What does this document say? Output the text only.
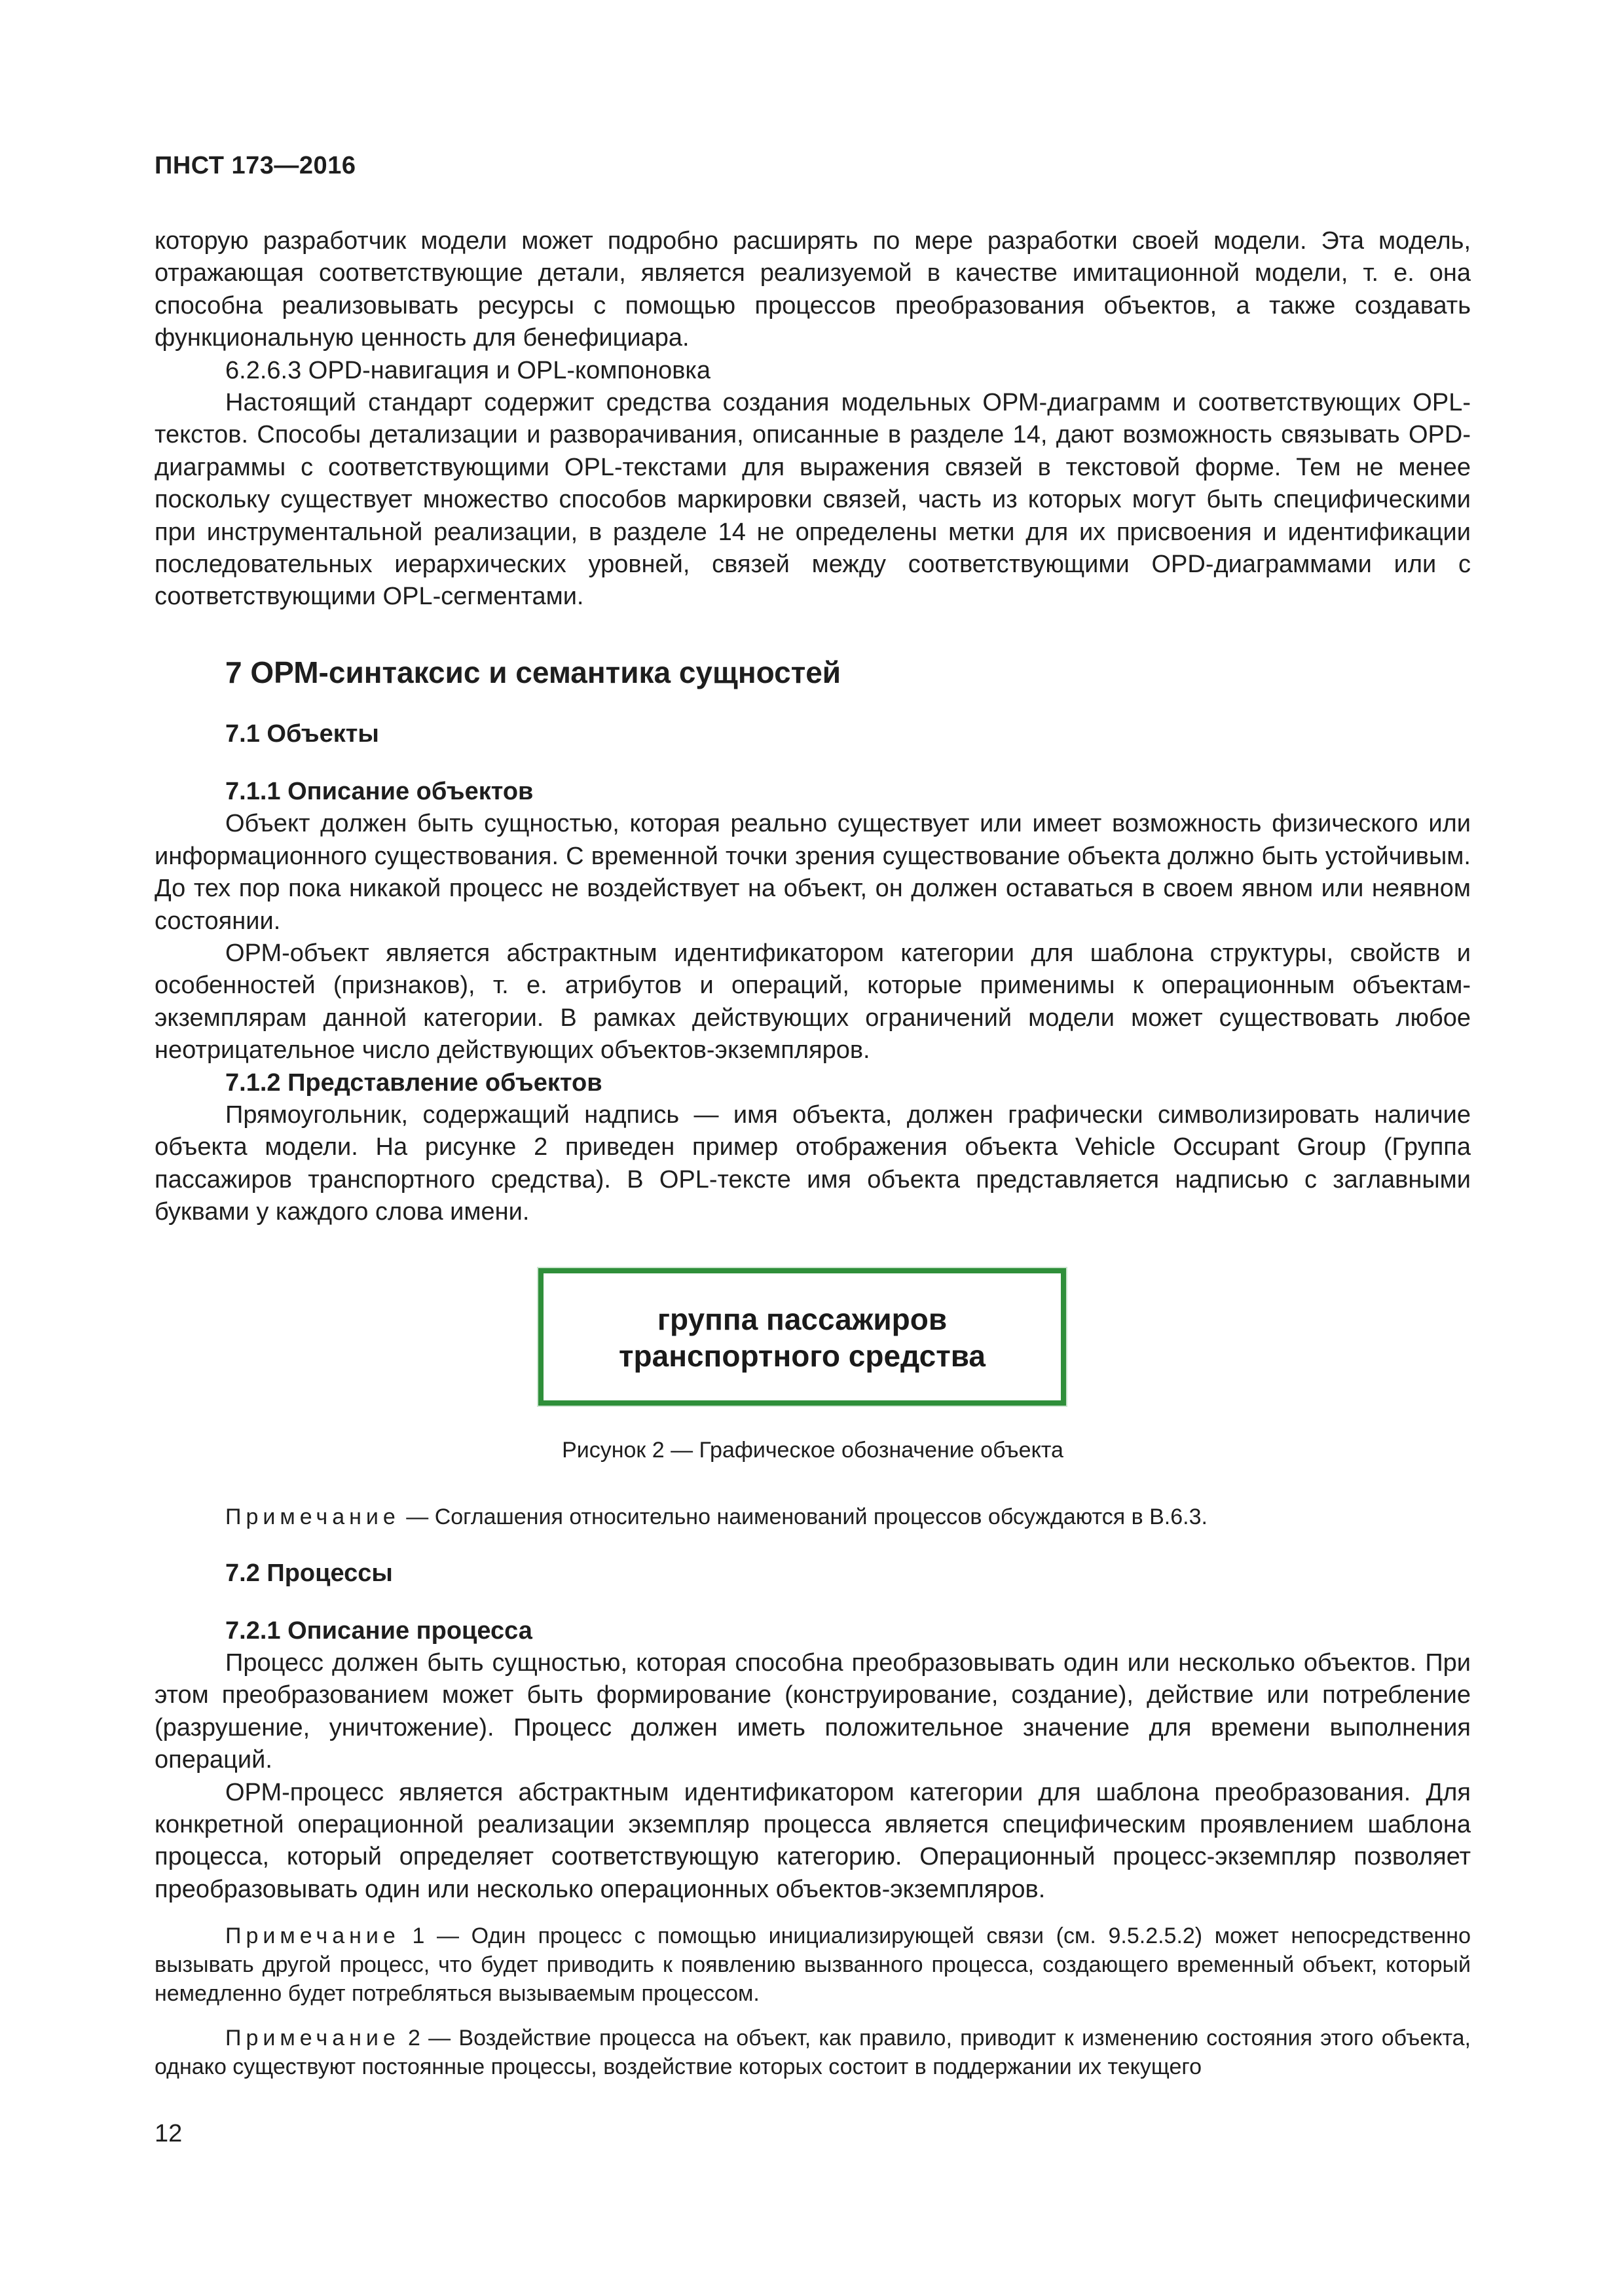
ПНСТ 173—2016

которую разработчик модели может подробно расширять по мере разработки своей модели. Эта модель, отражающая соответствующие детали, является реализуемой в качестве имитационной модели, т. е. она способна реализовывать ресурсы с помощью процессов преобразования объектов, а также создавать функциональную ценность для бенефициара.

6.2.6.3 OPD-навигация и OPL-компоновка

Настоящий стандарт содержит средства создания модельных ОРМ-диаграмм и соответствующих OPL-текстов. Способы детализации и разворачивания, описанные в разделе 14, дают возможность связывать OPD-диаграммы с соответствующими OPL-текстами для выражения связей в текстовой форме. Тем не менее поскольку существует множество способов маркировки связей, часть из которых могут быть специфическими при инструментальной реализации, в разделе 14 не определены метки для их присвоения и идентификации последовательных иерархических уровней, связей между соответствующими OPD-диаграммами или с соответствующими OPL-сегментами.

7 ОРМ-синтаксис и семантика сущностей
7.1 Объекты
7.1.1 Описание объектов

Объект должен быть сущностью, которая реально существует или имеет возможность физического или информационного существования. С временной точки зрения существование объекта должно быть устойчивым. До тех пор пока никакой процесс не воздействует на объект, он должен оставаться в своем явном или неявном состоянии.

ОРМ-объект является абстрактным идентификатором категории для шаблона структуры, свойств и особенностей (признаков), т. е. атрибутов и операций, которые применимы к операционным объектам-экземплярам данной категории. В рамках действующих ограничений модели может существовать любое неотрицательное число действующих объектов-экземпляров.

7.1.2 Представление объектов

Прямоугольник, содержащий надпись — имя объекта, должен графически символизировать наличие объекта модели. На рисунке 2 приведен пример отображения объекта Vehicle Occupant Group (Группа пассажиров транспортного средства). В OPL-тексте имя объекта представляется надписью с заглавными буквами у каждого слова имени.

группа пассажиров
транспортного средства
Рисунок 2 — Графическое обозначение объекта
Примечание — Соглашения относительно наименований процессов обсуждаются в В.6.3.
7.2 Процессы
7.2.1 Описание процесса

Процесс должен быть сущностью, которая способна преобразовывать один или несколько объектов. При этом преобразованием может быть формирование (конструирование, создание), действие или потребление (разрушение, уничтожение). Процесс должен иметь положительное значение для времени выполнения операций.

ОРМ-процесс является абстрактным идентификатором категории для шаблона преобразования. Для конкретной операционной реализации экземпляр процесса является специфическим проявлением шаблона процесса, который определяет соответствующую категорию. Операционный процесс-экземпляр позволяет преобразовывать один или несколько операционных объектов-экземпляров.

Примечание 1 — Один процесс с помощью инициализирующей связи (см. 9.5.2.5.2) может непосредственно вызывать другой процесс, что будет приводить к появлению вызванного процесса, создающего временный объект, который немедленно будет потребляться вызываемым процессом.
Примечание 2 — Воздействие процесса на объект, как правило, приводит к изменению состояния этого объекта, однако существуют постоянные процессы, воздействие которых состоит в поддержании их текущего
12
